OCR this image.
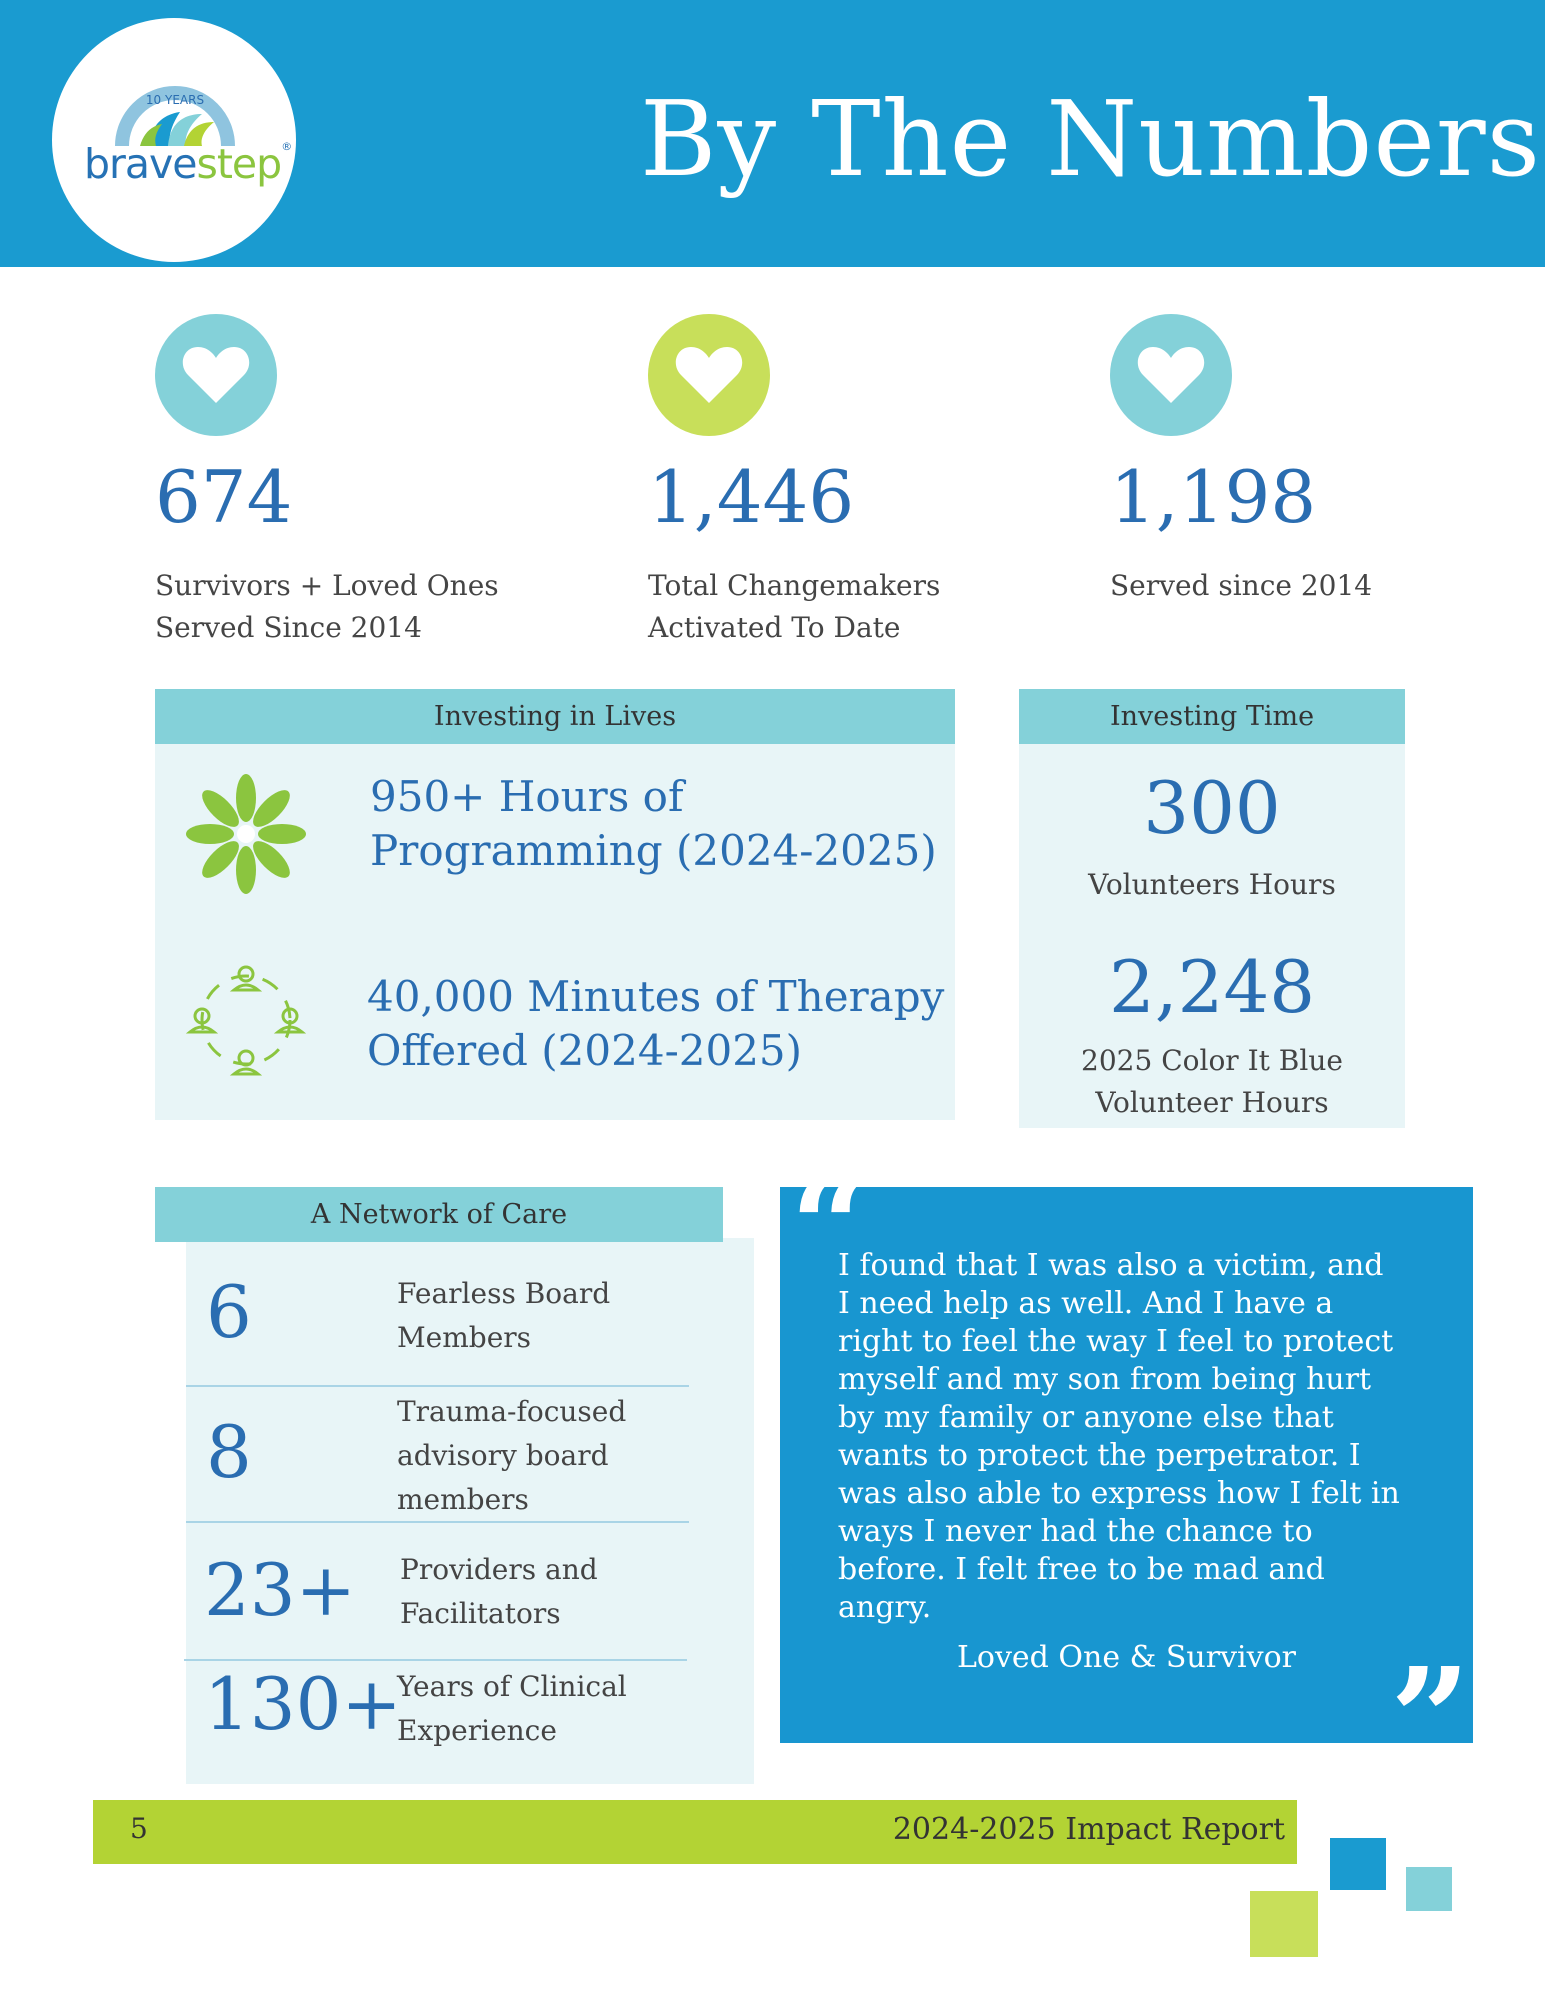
10 YEARS
bravestep®	By The Numbers
674
Survivors + Loved Ones
Served Since 2014
1,446
Total Changemakers
Activated To Date
1,198
Served since 2014
Investing in Lives
950+ Hours of
Programming (2024-2025)
40,000 Minutes of Therapy
Offered (2024-2025)
Investing Time
300
Volunteers Hours
2,248
2025 Color It Blue
Volunteer Hours
A Network of Care
6	Fearless Board
Members
8	Trauma-focused
advisory board
members
23+ Providers and
Facilitators
130+
Years of Clinical
Experience
“
I found that I was also a victim, and
I need help as well. And I have a
right to feel the way I feel to protect
myself and my son from being hurt
by my family or anyone else that
wants to protect the perpetrator. I
was also able to express how I felt in
ways I never had the chance to
before. I felt free to be mad and
angry.
Loved One & Survivor ”
5	2024-2025 Impact Report
